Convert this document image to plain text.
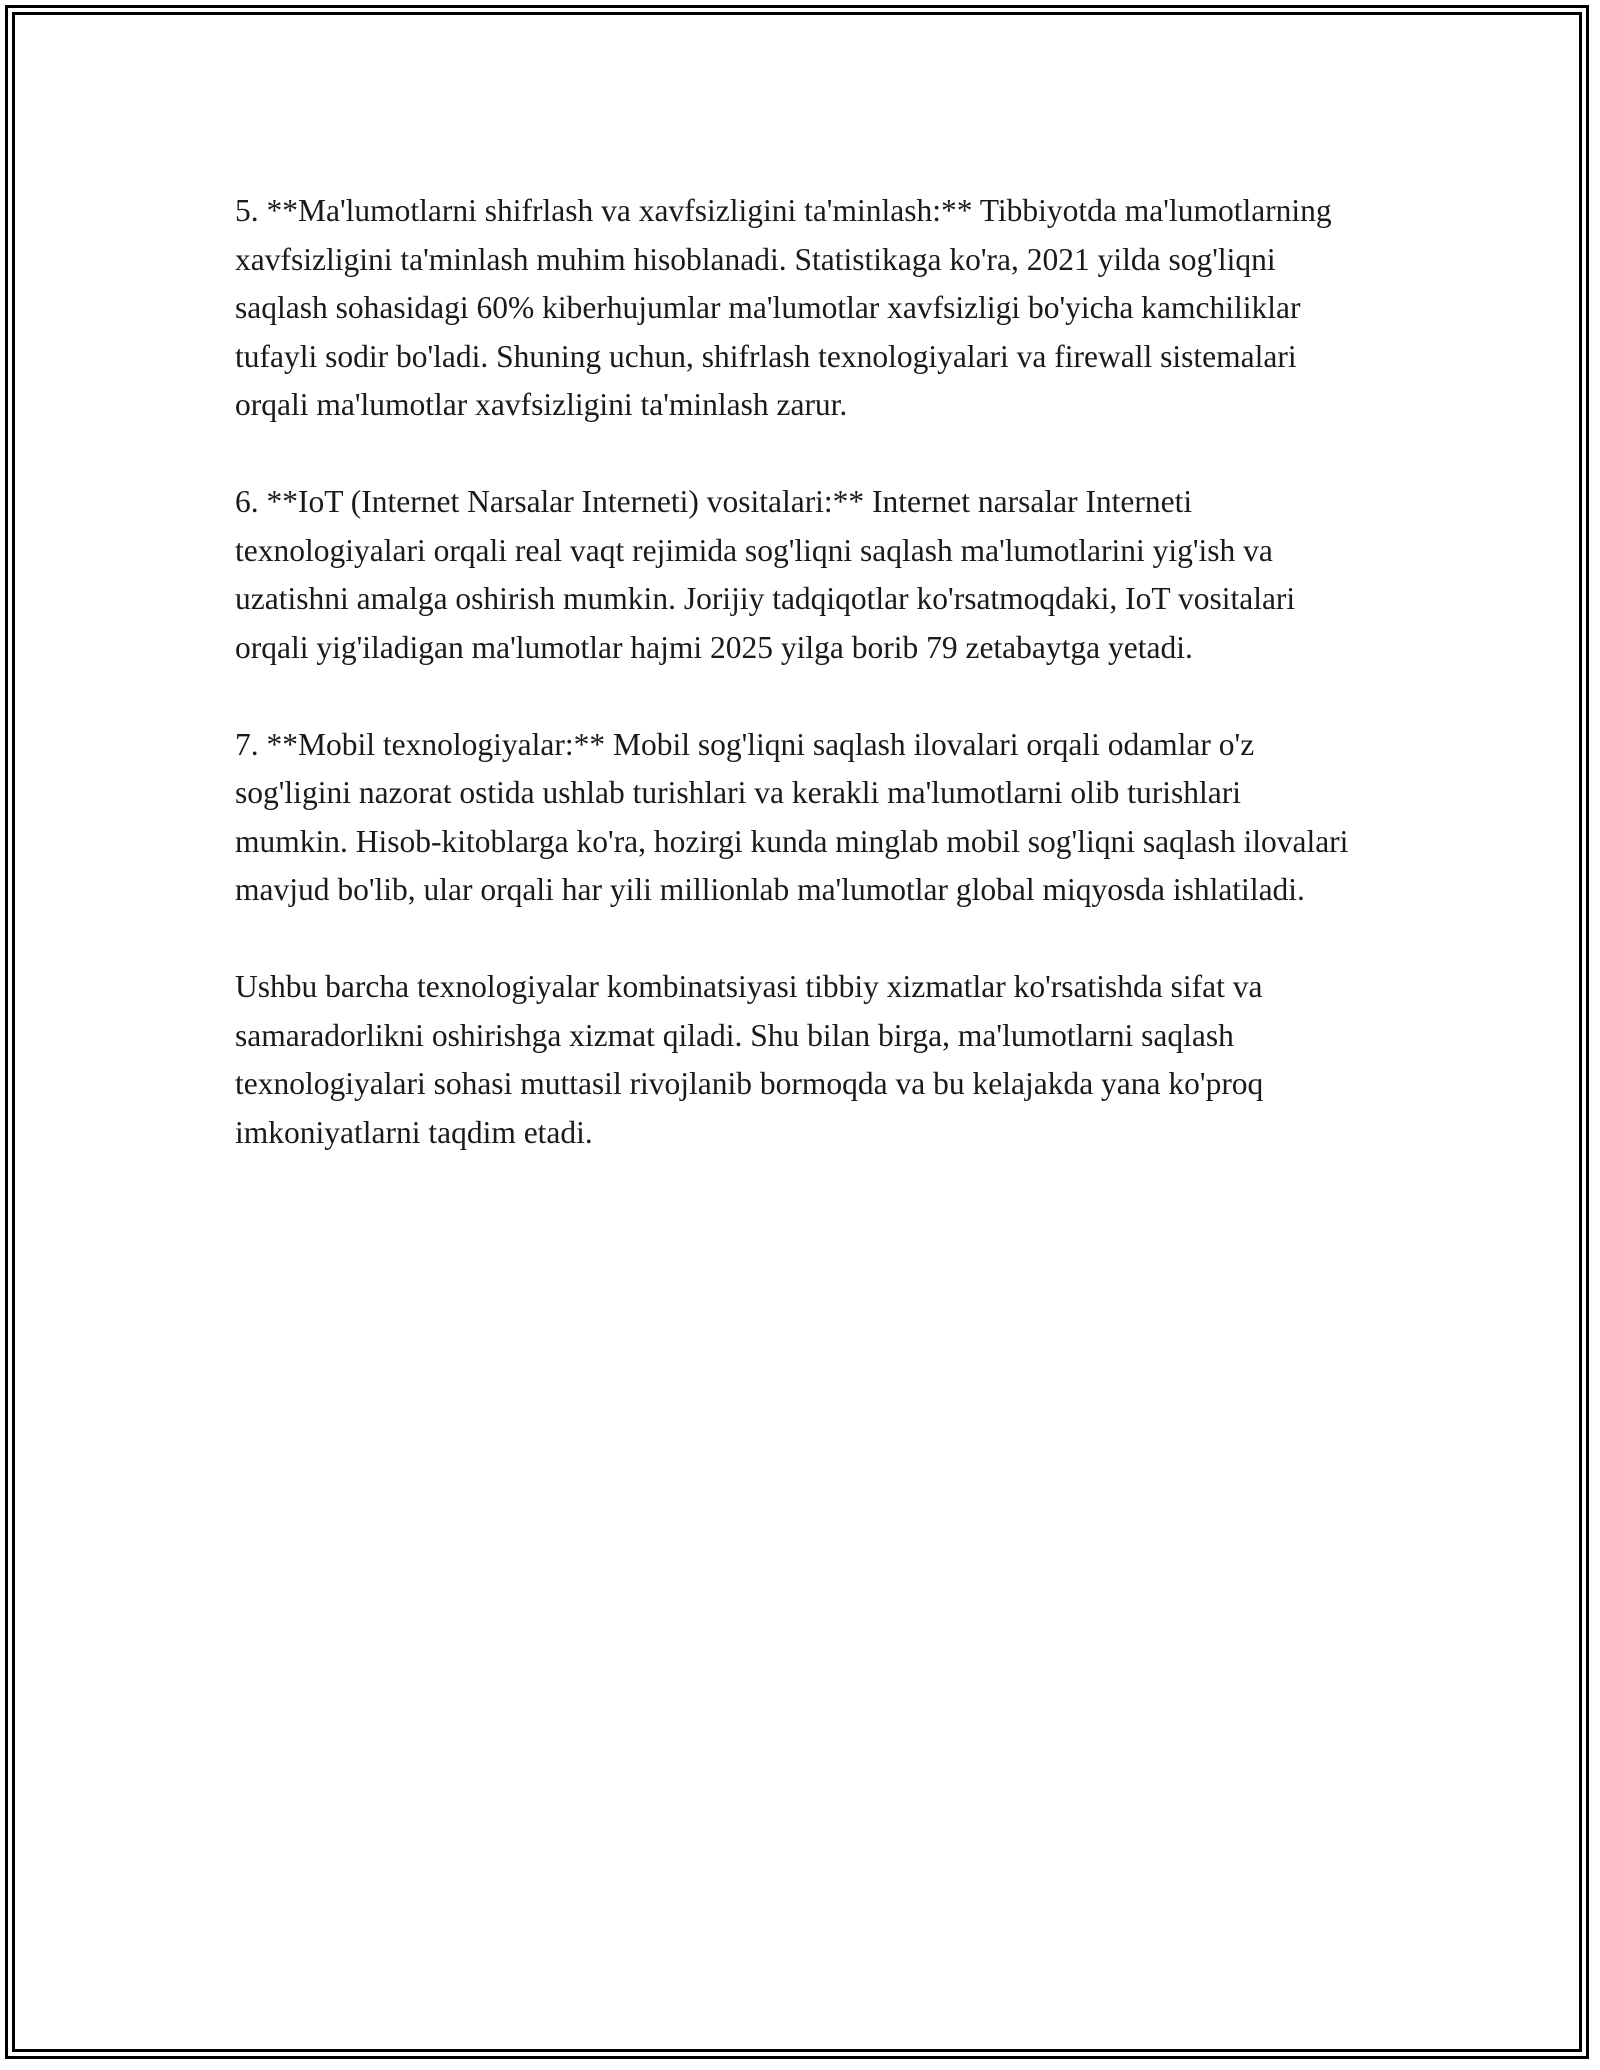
5. **Ma'lumotlarni shifrlash va xavfsizligini ta'minlash:** Tibbiyotda ma'lumotlarning xavfsizligini ta'minlash muhim hisoblanadi. Statistikaga ko'ra, 2021 yilda sog'liqni saqlash sohasidagi 60% kiberhujumlar ma'lumotlar xavfsizligi bo'yicha kamchiliklar tufayli sodir bo'ladi. Shuning uchun, shifrlash texnologiyalari va firewall sistemalari orqali ma'lumotlar xavfsizligini ta'minlash zarur.

6. **IoT (Internet Narsalar Interneti) vositalari:** Internet narsalar Interneti texnologiyalari orqali real vaqt rejimida sog'liqni saqlash ma'lumotlarini yig'ish va uzatishni amalga oshirish mumkin. Jorijiy tadqiqotlar ko'rsatmoqdaki, IoT vositalari orqali yig'iladigan ma'lumotlar hajmi 2025 yilga borib 79 zetabaytga yetadi.

7. **Mobil texnologiyalar:** Mobil sog'liqni saqlash ilovalari orqali odamlar o'z sog'ligini nazorat ostida ushlab turishlari va kerakli ma'lumotlarni olib turishlari mumkin. Hisob-kitoblarga ko'ra, hozirgi kunda minglab mobil sog'liqni saqlash ilovalari mavjud bo'lib, ular orqali har yili millionlab ma'lumotlar global miqyosda ishlatiladi.

Ushbu barcha texnologiyalar kombinatsiyasi tibbiy xizmatlar ko'rsatishda sifat va samaradorlikni oshirishga xizmat qiladi. Shu bilan birga, ma'lumotlarni saqlash texnologiyalari sohasi muttasil rivojlanib bormoqda va bu kelajakda yana ko'proq imkoniyatlarni taqdim etadi.
